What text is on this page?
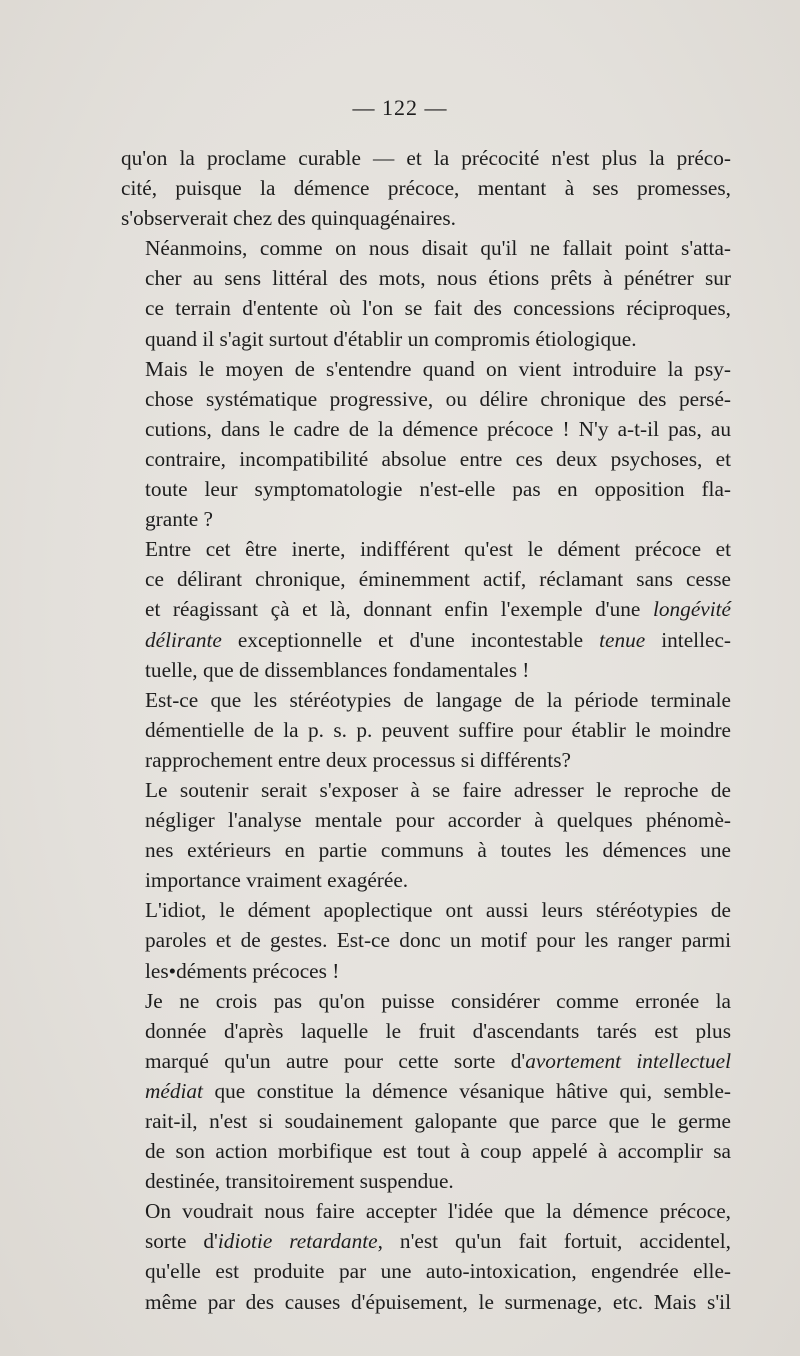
— 122 —

qu'on la proclame curable — et la précocité n'est plus la préco-
cité, puisque la démence précoce, mentant à ses promesses,
s'observerait chez des quinquagénaires.

Néanmoins, comme on nous disait qu'il ne fallait point s'atta-
cher au sens littéral des mots, nous étions prêts à pénétrer sur
ce terrain d'entente où l'on se fait des concessions réciproques,
quand il s'agit surtout d'établir un compromis étiologique.

Mais le moyen de s'entendre quand on vient introduire la psy-
chose systématique progressive, ou délire chronique des persé-
cutions, dans le cadre de la démence précoce ! N'y a-t-il pas, au
contraire, incompatibilité absolue entre ces deux psychoses, et
toute leur symptomatologie n'est-elle pas en opposition fla-
grante ?

Entre cet être inerte, indifférent qu'est le dément précoce et
ce délirant chronique, éminemment actif, réclamant sans cesse
et réagissant çà et là, donnant enfin l'exemple d'une longévité
délirante exceptionnelle et d'une incontestable tenue intellec-
tuelle, que de dissemblances fondamentales !

Est-ce que les stéréotypies de langage de la période terminale
démentielle de la p. s. p. peuvent suffire pour établir le moindre
rapprochement entre deux processus si différents?

Le soutenir serait s'exposer à se faire adresser le reproche de
négliger l'analyse mentale pour accorder à quelques phénomè-
nes extérieurs en partie communs à toutes les démences une
importance vraiment exagérée.

L'idiot, le dément apoplectique ont aussi leurs stéréotypies de
paroles et de gestes. Est-ce donc un motif pour les ranger parmi
les•déments précoces !

Je ne crois pas qu'on puisse considérer comme erronée la
donnée d'après laquelle le fruit d'ascendants tarés est plus
marqué qu'un autre pour cette sorte d'avortement intellectuel
médiat que constitue la démence vésanique hâtive qui, semble-
rait-il, n'est si soudainement galopante que parce que le germe
de son action morbifique est tout à coup appelé à accomplir sa
destinée, transitoirement suspendue.

On voudrait nous faire accepter l'idée que la démence précoce,
sorte d'idiotie retardante, n'est qu'un fait fortuit, accidentel,
qu'elle est produite par une auto-intoxication, engendrée elle-
même par des causes d'épuisement, le surmenage, etc. Mais s'il
